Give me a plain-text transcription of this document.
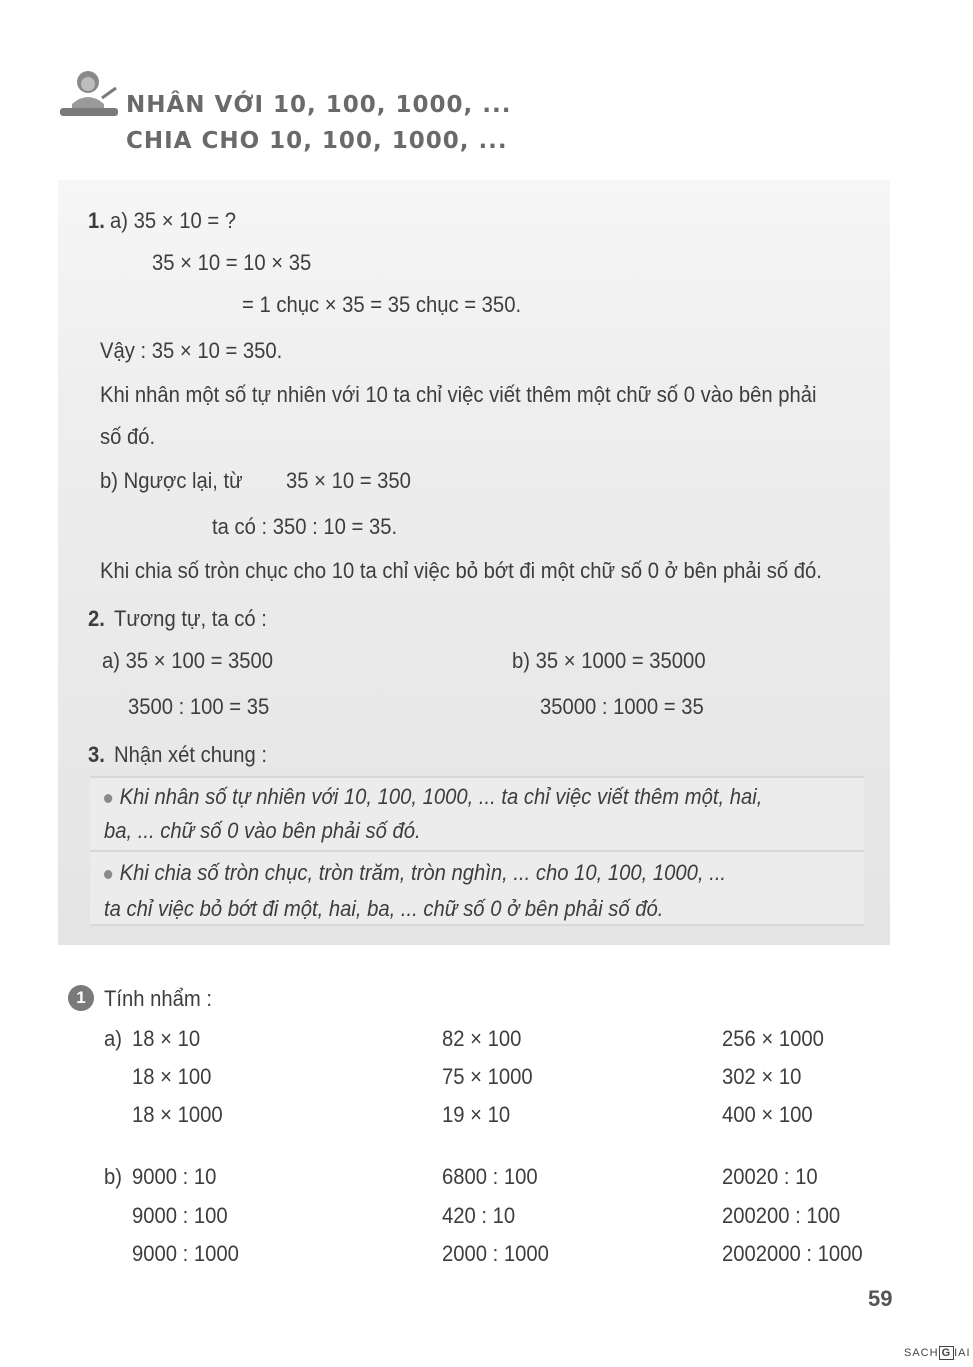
NHÂN VỚI 10, 100, 1000, ...
CHIA CHO 10, 100, 1000, ...
1. a) 35 × 10 = ?
35 × 10 = 10 × 35
= 1 chục × 35 = 35 chục = 350.
Vậy : 35 × 10 = 350.
Khi nhân một số tự nhiên với 10 ta chỉ việc viết thêm một chữ số 0 vào bên phải
số đó.
b) Ngược lại, từ 35 × 10 = 350
ta có : 350 : 10 = 35.
Khi chia số tròn chục cho 10 ta chỉ việc bỏ bớt đi một chữ số 0 ở bên phải số đó.
2. Tương tự, ta có :
a) 35 × 100 = 3500
3500 : 100 = 35
b) 35 × 1000 = 35000
35000 : 1000 = 35
3. Nhận xét chung :
Khi nhân số tự nhiên với 10, 100, 1000, ... ta chỉ việc viết thêm một, hai,
ba, ... chữ số 0 vào bên phải số đó.
Khi chia số tròn chục, tròn trăm, tròn nghìn, ... cho 10, 100, 1000, ...
ta chỉ việc bỏ bớt đi một, hai, ba, ... chữ số 0 ở bên phải số đó.
1 Tính nhẩm :
a) 18 × 10
18 × 100
18 × 1000
82 × 100
75 × 1000
19 × 10
256 × 1000
302 × 10
400 × 100
b) 9000 : 10
9000 : 100
9000 : 1000
6800 : 100
420 : 10
2000 : 1000
20020 : 10
200200 : 100
2002000 : 1000
59
SACH G IAI
